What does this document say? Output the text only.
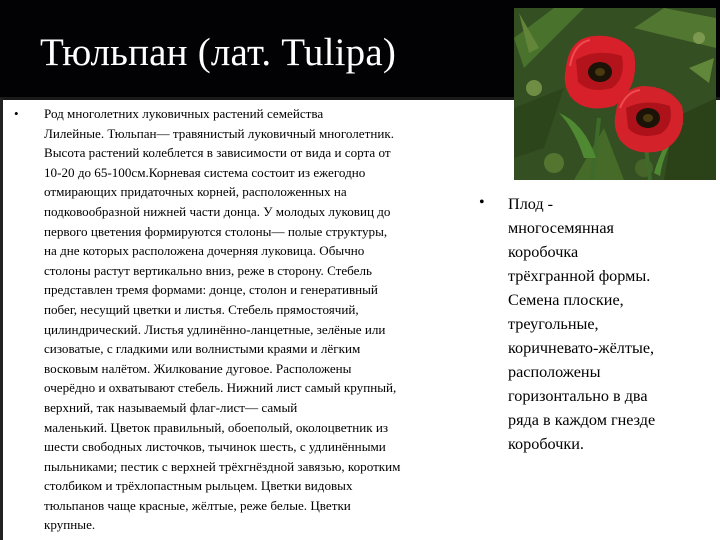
Тюльпан (лат. Tulipa)
• Род многолетних луковичных растений семейства
Лилейные. Тюльпан— травянистый луковичный многолетник.
Высота растений колеблется в зависимости от вида и сорта от
10-20 до 65-100см.Корневая система состоит из ежегодно
отмирающих придаточных корней, расположенных на
подковообразной нижней части донца. У молодых луковиц до
первого цветения формируются столоны— полые структуры,
на дне которых расположена дочерняя луковица. Обычно
столоны растут вертикально вниз, реже в сторону. Стебель
представлен тремя формами: донце, столон и генеративный
побег, несущий цветки и листья. Стебель прямостоячий,
цилиндрический. Листья удлинённо-ланцетные, зелёные или
сизоватые, с гладкими или волнистыми краями и лёгким
восковым налётом. Жилкование дуговое. Расположены
очерёдно и охватывают стебель. Нижний лист самый крупный,
верхний, так называемый флаг-лист— самый
маленький. Цветок правильный, обоеполый, околоцветник из
шести свободных листочков, тычинок шесть, с удлинёнными
пыльниками; пестик с верхней трёхгнёздной завязью, коротким
столбиком и трёхлопастным рыльцем. Цветки видовых
тюльпанов чаще красные, жёлтые, реже белые. Цветки
крупные.
• Плод -
многосемянная
коробочка
трёхгранной формы.
Семена плоские,
треугольные,
коричневато-жёлтые,
расположены
горизонтально в два
ряда в каждом гнезде
коробочки.
